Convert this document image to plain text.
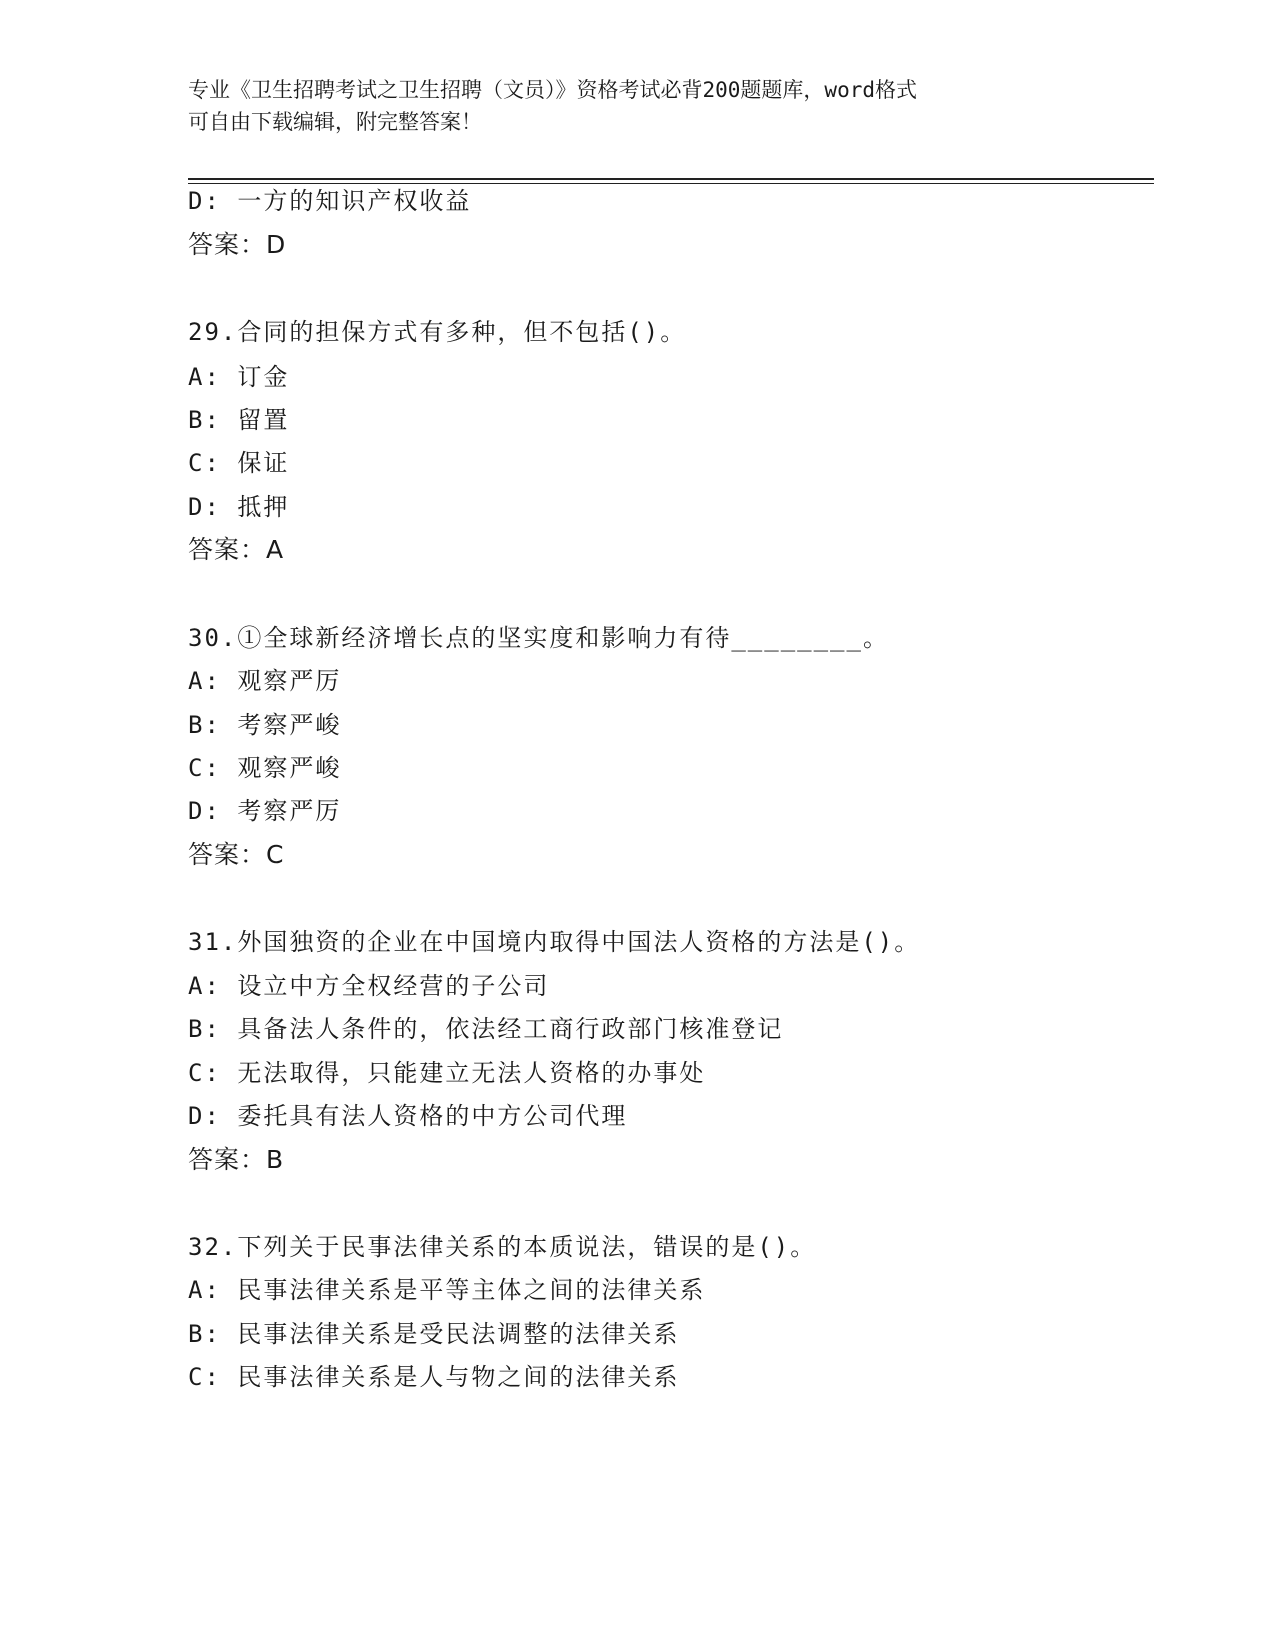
专业《卫生招聘考试之卫生招聘（文员）》资格考试必背200题题库，word格式
可自由下载编辑，附完整答案！
D: 一方的知识产权收益
答案：D
29.合同的担保方式有多种，但不包括()。
A: 订金
B: 留置
C: 保证
D: 抵押
答案：A
30.①全球新经济增长点的坚实度和影响力有待________。
A: 观察严厉
B: 考察严峻
C: 观察严峻
D: 考察严厉
答案：C
31.外国独资的企业在中国境内取得中国法人资格的方法是()。
A: 设立中方全权经营的子公司
B: 具备法人条件的，依法经工商行政部门核准登记
C: 无法取得，只能建立无法人资格的办事处
D: 委托具有法人资格的中方公司代理
答案：B
32.下列关于民事法律关系的本质说法，错误的是()。
A: 民事法律关系是平等主体之间的法律关系
B: 民事法律关系是受民法调整的法律关系
C: 民事法律关系是人与物之间的法律关系
